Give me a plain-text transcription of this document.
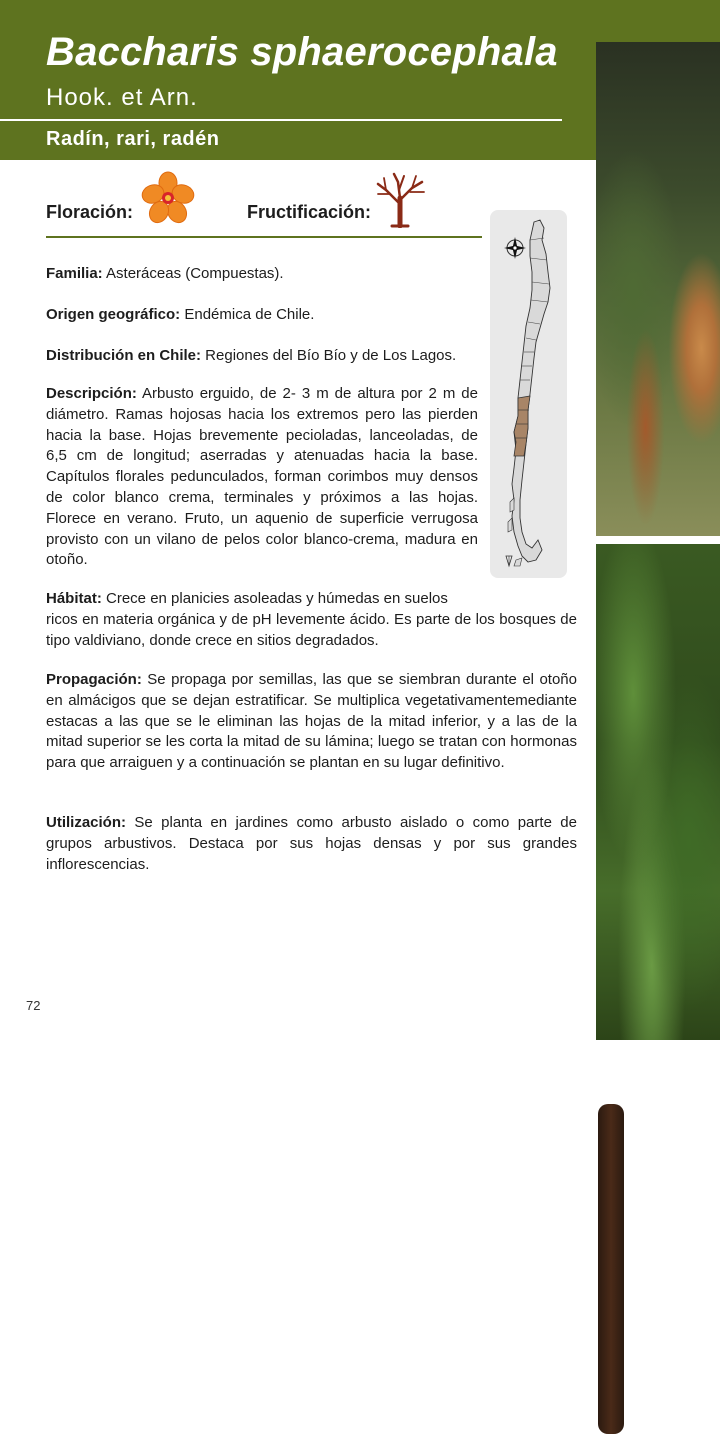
Baccharis sphaerocephala
Hook. et Arn.
Radín, rari, radén
Floración:	Fructificación:

Familia: Asteráceas (Compuestas).

Origen geográfico: Endémica de Chile.

Distribución en Chile: Regiones del Bío Bío y de Los Lagos.

Descripción: Arbusto erguido, de 2- 3 m de altura por 2 m de diámetro. Ramas hojosas hacia los extremos pero las pierden hacia la base. Hojas brevemente pecioladas, lanceoladas, de 6,5 cm de longitud; aserradas y atenuadas hacia la base. Capítulos florales pedunculados, forman corimbos muy densos de color blanco crema, terminales y próximos a las hojas. Florece en verano. Fruto, un aquenio de superficie verrugosa provisto con un vilano de pelos color blanco-crema, madura en otoño.

Hábitat: Crece en planicies asoleadas y húmedas en suelos

ricos en materia orgánica y de pH levemente ácido. Es parte de los bosques de tipo valdiviano, donde crece en sitios degradados.

Propagación: Se propaga por semillas, las que se siembran durante el otoño en almácigos que se dejan estratificar. Se multiplica vegetativamentemediante estacas a las que se le eliminan las hojas de la mitad inferior, y a las de la mitad superior se les corta la mitad de su lámina; luego se tratan con hormonas para que arraiguen y a continuación se plantan en su lugar definitivo.

Utilización: Se planta en jardines como arbusto aislado o como parte de grupos arbustivos. Destaca por sus hojas densas y por sus grandes inflorescencias.

72
